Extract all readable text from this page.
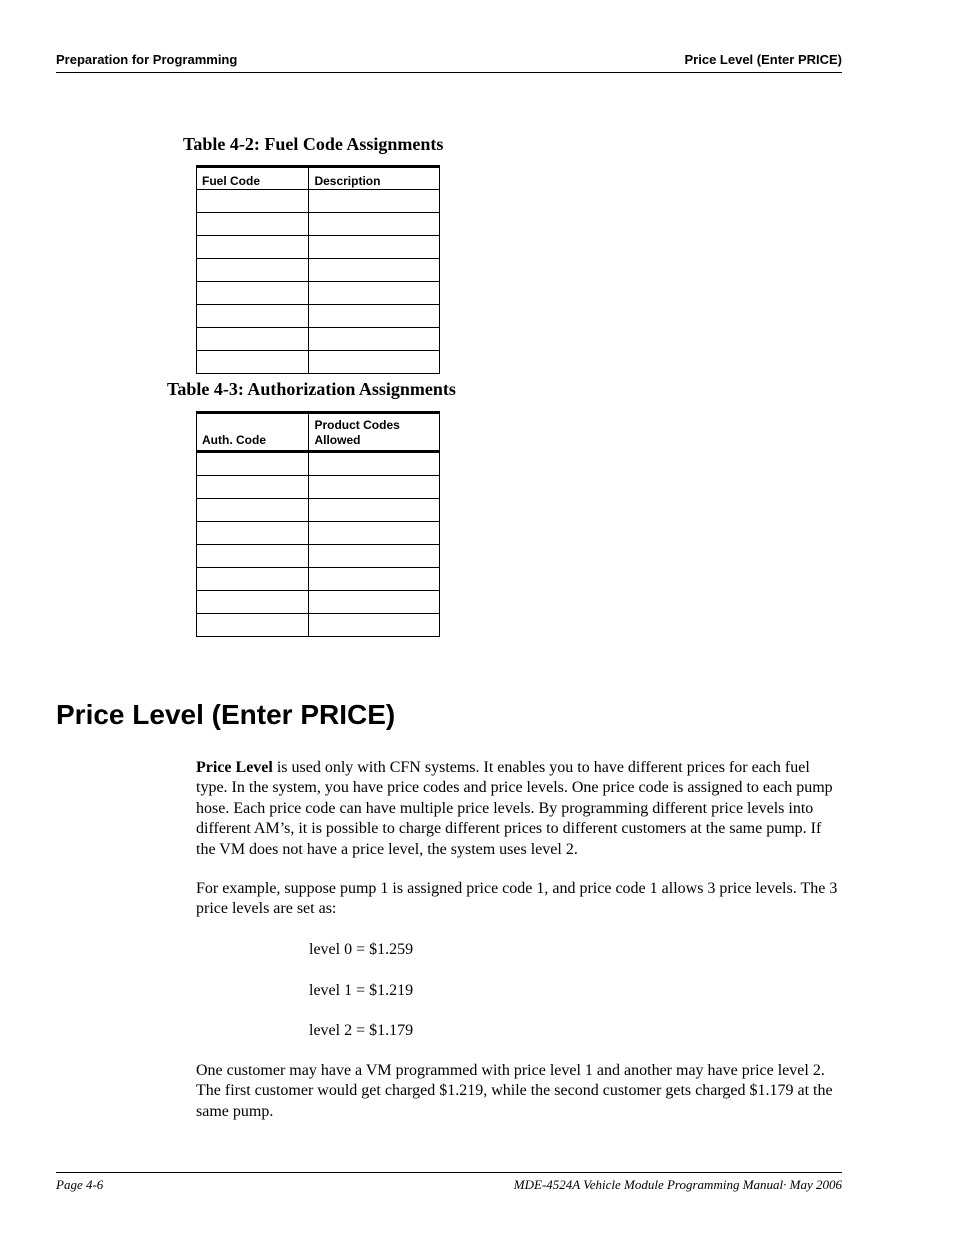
Preparation for Programming	Price Level (Enter PRICE)
Table 4-2: Fuel Code Assignments
Fuel Code	Description

Table 4-3: Authorization Assignments
Auth. Code	Product Codes
Allowed

Price Level (Enter PRICE)
Price Level is used only with CFN systems. It enables you to have different prices for each fuel type. In the system, you have price codes and price levels. One price code is assigned to each pump hose. Each price code can have multiple price levels. By programming different price levels into different AM’s, it is possible to charge different prices to different customers at the same pump. If the VM does not have a price level, the system uses level 2.
For example, suppose pump 1 is assigned price code 1, and price code 1 allows 3 price levels. The 3 price levels are set as:
level 0 = $1.259
level 1 = $1.219
level 2 = $1.179
One customer may have a VM programmed with price level 1 and another may have price level 2. The first customer would get charged $1.219, while the second customer gets charged $1.179 at the same pump.
Page 4-6	MDE-4524A Vehicle Module Programming Manual· May 2006
